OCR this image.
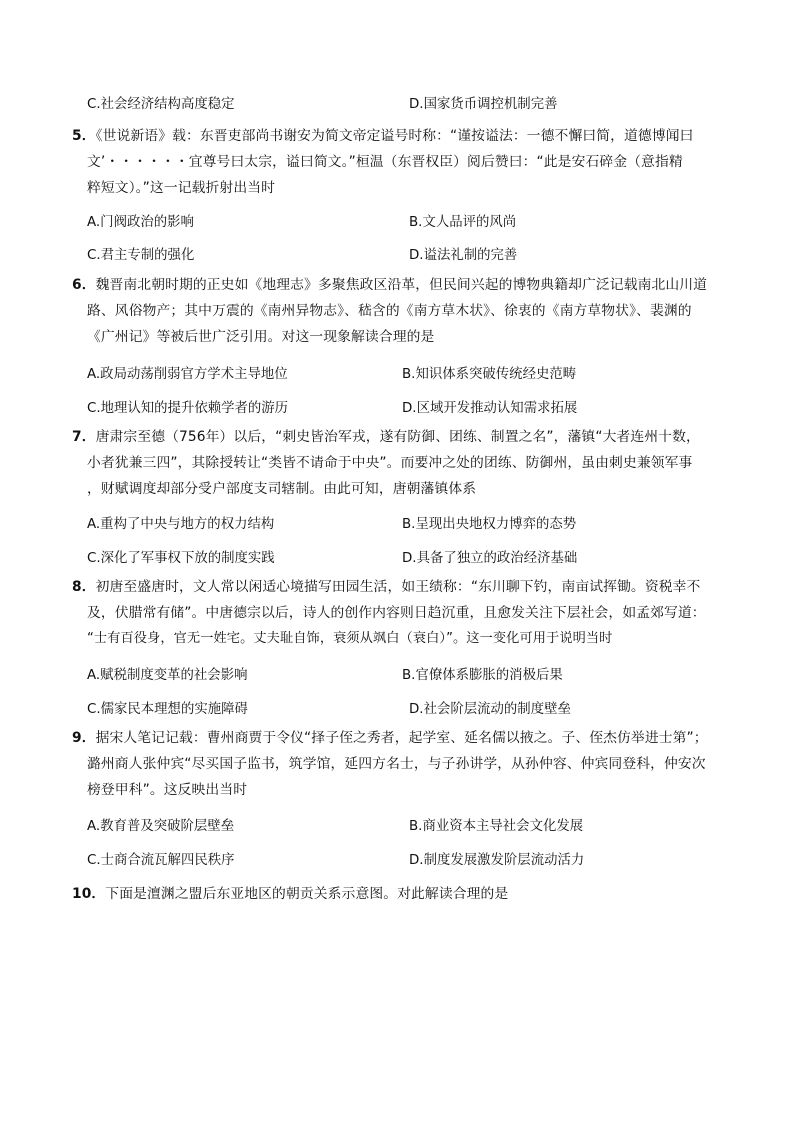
C.社会经济结构高度稳定	D.国家货币调控机制完善
5．《世说新语》载：东晋吏部尚书谢安为简文帝定谥号时称：“谨按谥法：一德不懈曰简，道德博闻曰
文’・・・・・・宜尊号曰太宗，谥曰简文。”桓温（东晋权臣）阅后赞曰：“此是安石碎金（意指精
粹短文）。”这一记载折射出当时
A.门阀政治的影响	B.文人品评的风尚
C.君主专制的强化	D.谥法礼制的完善
6．魏晋南北朝时期的正史如《地理志》多聚焦政区沿革，但民间兴起的博物典籍却广泛记载南北山川道
路、风俗物产；其中万震的《南州异物志》、嵇含的《南方草木状》、徐衷的《南方草物状》、裴渊的
《广州记》等被后世广泛引用。对这一现象解读合理的是
A.政局动荡削弱官方学术主导地位	B.知识体系突破传统经史范畴
C.地理认知的提升依赖学者的游历	D.区域开发推动认知需求拓展
7．唐肃宗至德（756年）以后，“刺史皆治军戎，遂有防御、团练、制置之名”，藩镇“大者连州十数，
小者犹兼三四”，其除授转让“类皆不请命于中央”。而要冲之处的团练、防御州，虽由刺史兼领军事
，财赋调度却部分受户部度支司辖制。由此可知，唐朝藩镇体系
A.重构了中央与地方的权力结构	B.呈现出央地权力博弈的态势
C.深化了军事权下放的制度实践	D.具备了独立的政治经济基础
8．初唐至盛唐时，文人常以闲适心境描写田园生活，如王绩称：“东川聊下钓，南亩试挥锄。资税幸不
及，伏腊常有储”。中唐德宗以后，诗人的创作内容则日趋沉重，且愈发关注下层社会，如孟郊写道：
“士有百役身，官无一姓宅。丈夫耻自饰，衰须从飒白（衰白）”。这一变化可用于说明当时
A.赋税制度变革的社会影响	B.官僚体系膨胀的消极后果
C.儒家民本理想的实施障碍	D.社会阶层流动的制度壁垒
9．据宋人笔记记载：曹州商贾于令仪“择子侄之秀者，起学室、延名儒以掖之。子、侄杰仿举进士第”；
潞州商人张仲宾“尽买国子监书，筑学馆，延四方名士，与子孙讲学，从孙仲容、仲宾同登科，仲安次
榜登甲科”。这反映出当时
A.教育普及突破阶层壁垒	B.商业资本主导社会文化发展
C.士商合流瓦解四民秩序	D.制度发展激发阶层流动活力
10．下面是澶渊之盟后东亚地区的朝贡关系示意图。对此解读合理的是
